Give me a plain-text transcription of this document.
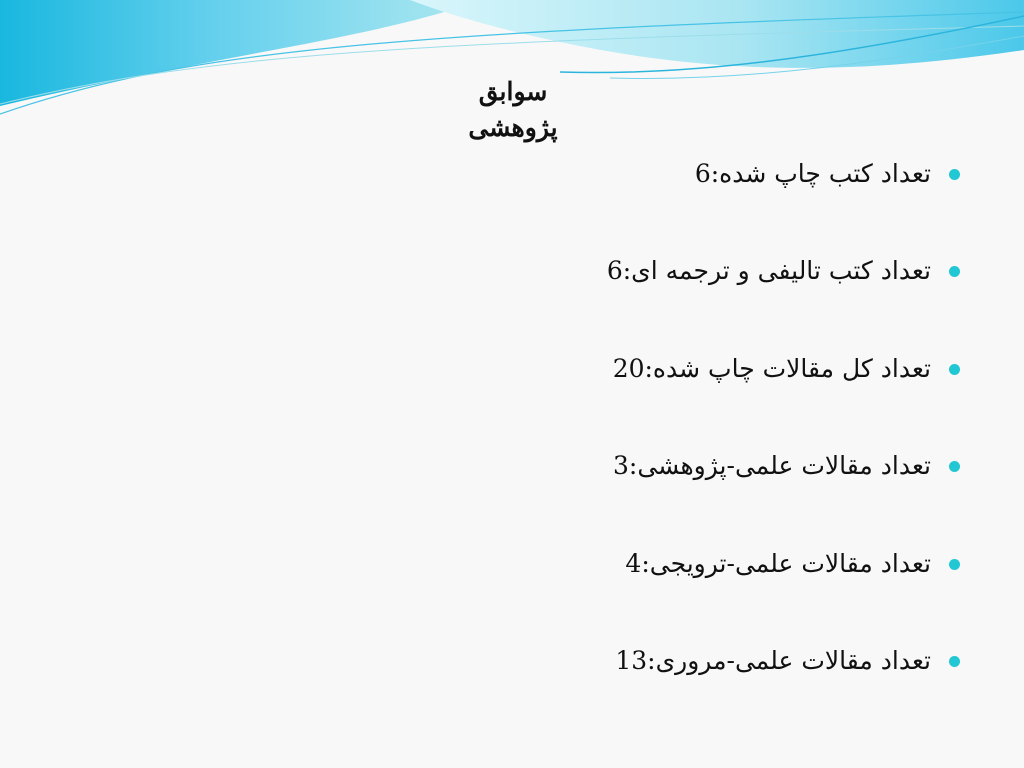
سوابق پژوهشی
تعداد کتب چاپ شده:6
تعداد کتب تالیفی و ترجمه ای:6
تعداد کل مقالات چاپ شده:20
تعداد مقالات علمی-پژوهشی:3
تعداد مقالات علمی-ترویجی:4
تعداد مقالات علمی-مروری:13
